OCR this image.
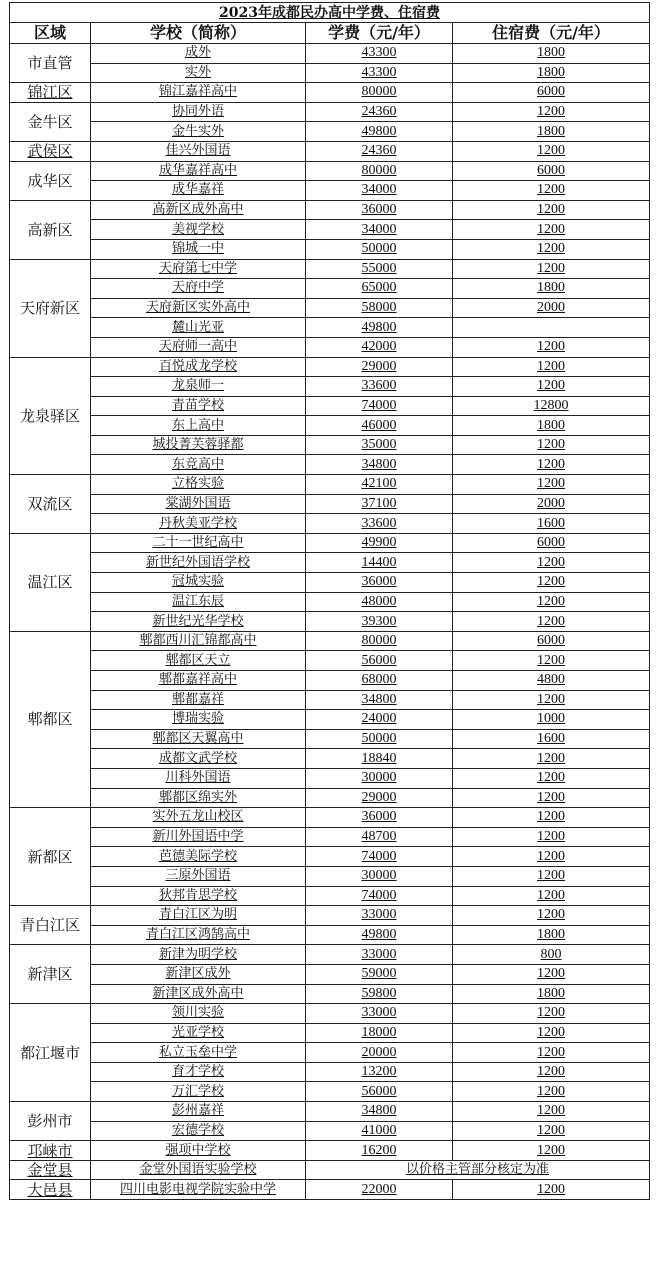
2023年成都民办高中学费、住宿费			
区域	学校（简称）	学费（元/年）	住宿费（元/年）
市直管	成外	43300	1800
	实外	43300	1800
锦江区	锦江嘉祥高中	80000	6000
金牛区	协同外语	24360	1200
	金牛实外	49800	1800
武侯区	佳兴外国语	24360	1200
成华区	成华嘉祥高中	80000	6000
	成华嘉祥	34000	1200
高新区	高新区成外高中	36000	1200
	美视学校	34000	1200
	锦城一中	50000	1200
天府新区	天府第七中学	55000	1200
	天府中学	65000	1800
	天府新区实外高中	58000	2000
	麓山光亚	49800	
	天府师一高中	42000	1200
龙泉驿区	百悦成龙学校	29000	1200
	龙泉师一	33600	1200
	青苗学校	74000	12800
	东上高中	46000	1800
	城投菁芙蓉驿都	35000	1200
	东竞高中	34800	1200
双流区	立格实验	42100	1200
	棠湖外国语	37100	2000
	丹秋美亚学校	33600	1600
温江区	二十一世纪高中	49900	6000
	新世纪外国语学校	14400	1200
	冠城实验	36000	1200
	温江东辰	48000	1200
	新世纪光华学校	39300	1200
郫都区	郫都西川汇锦都高中	80000	6000
	郫都区天立	56000	1200
	郫都嘉祥高中	68000	4800
	郫都嘉祥	34800	1200
	博瑞实验	24000	1000
	郫都区天翼高中	50000	1600
	成都文武学校	18840	1200
	川科外国语	30000	1200
	郫都区绵实外	29000	1200
新都区	实外五龙山校区	36000	1200
	新川外国语中学	48700	1200
	芭德美际学校	74000	1200
	三原外国语	30000	1200
	狄邦肯思学校	74000	1200
青白江区	青白江区为明	33000	1200
	青白江区鸿鹄高中	49800	1800
新津区	新津为明学校	33000	800
	新津区成外	59000	1200
	新津区成外高中	59800	1800
都江堰市	领川实验	33000	1200
	光亚学校	18000	1200
	私立玉垒中学	20000	1200
	育才学校	13200	1200
	万汇学校	56000	1200
彭州市	彭州嘉祥	34800	1200
	宏德学校	41000	1200
邛崃市	强项中学校	16200	1200
金堂县	金堂外国语实验学校	以价格主管部分核定为准	
大邑县	四川电影电视学院实验中学	22000	1200
